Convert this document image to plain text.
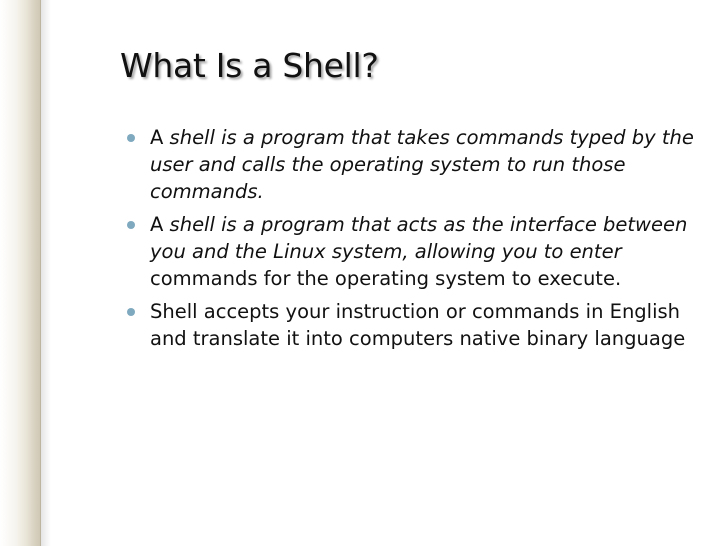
What Is a Shell?
A shell is a program that takes commands typed by the user and calls the operating system to run those commands.
A shell is a program that acts as the interface between you and the Linux system, allowing you to enter commands for the operating system to execute.
Shell accepts your instruction or commands in English and translate it into computers native binary language
